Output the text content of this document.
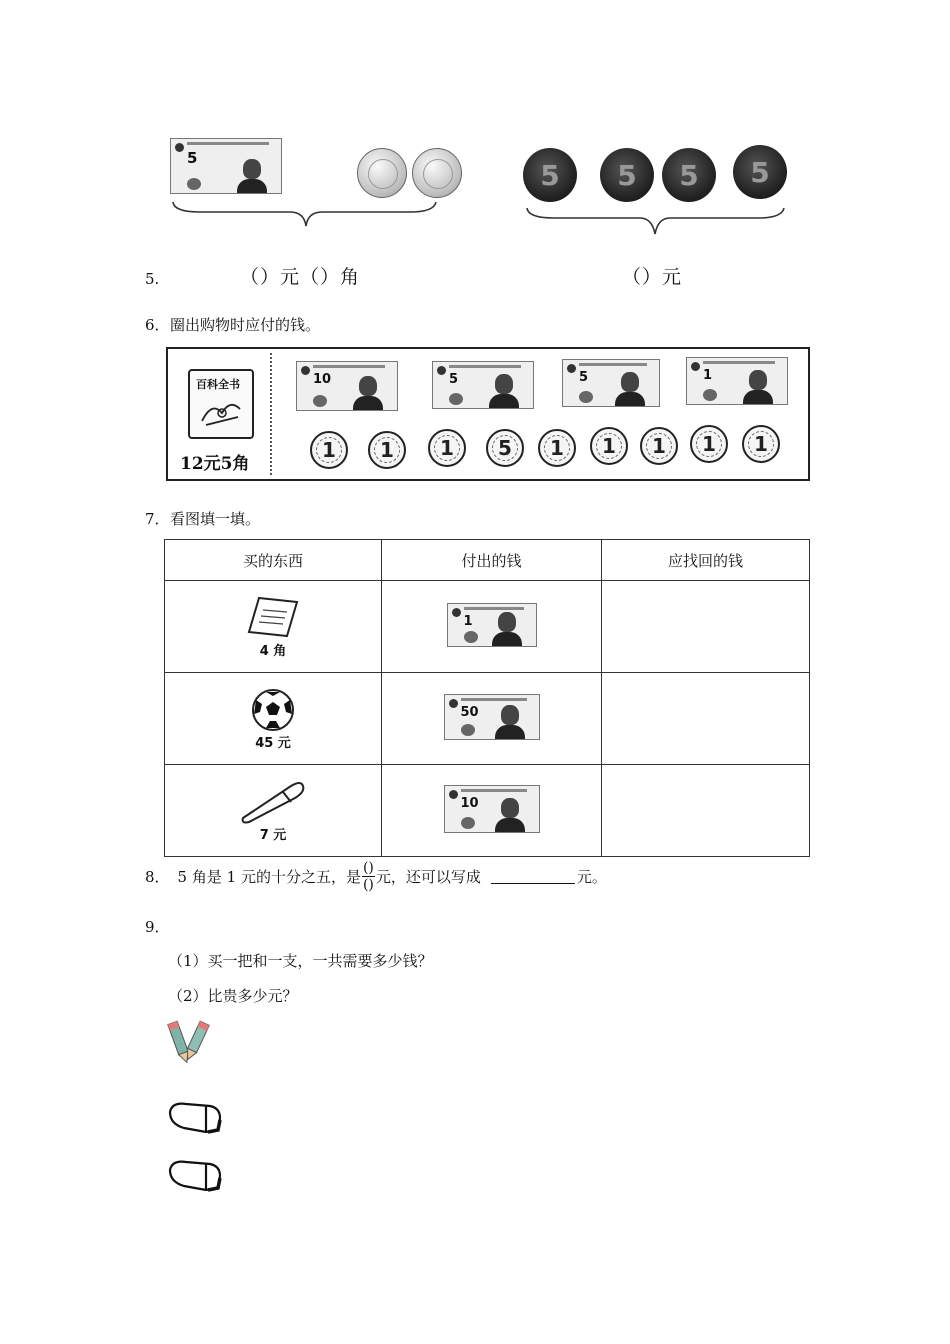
5
5	5	5	5
5.	（）元（）角	（）元
6． 圈出购物时应付的钱。
百科全书
12元5角
10	5	5	1
1	1	1	5	1	1	1	1	1
7． 看图填一填。
买的东西	付出的钱	应找回的钱

4 角	1	

45 元	50	

7 元	10	

8． 5 角是 1 元的十分之五，是 $\frac{()}{()}$ 元，还可以写成	元。
9．
（1）买一把和一支，一共需要多少钱？
（2）比贵多少元？
